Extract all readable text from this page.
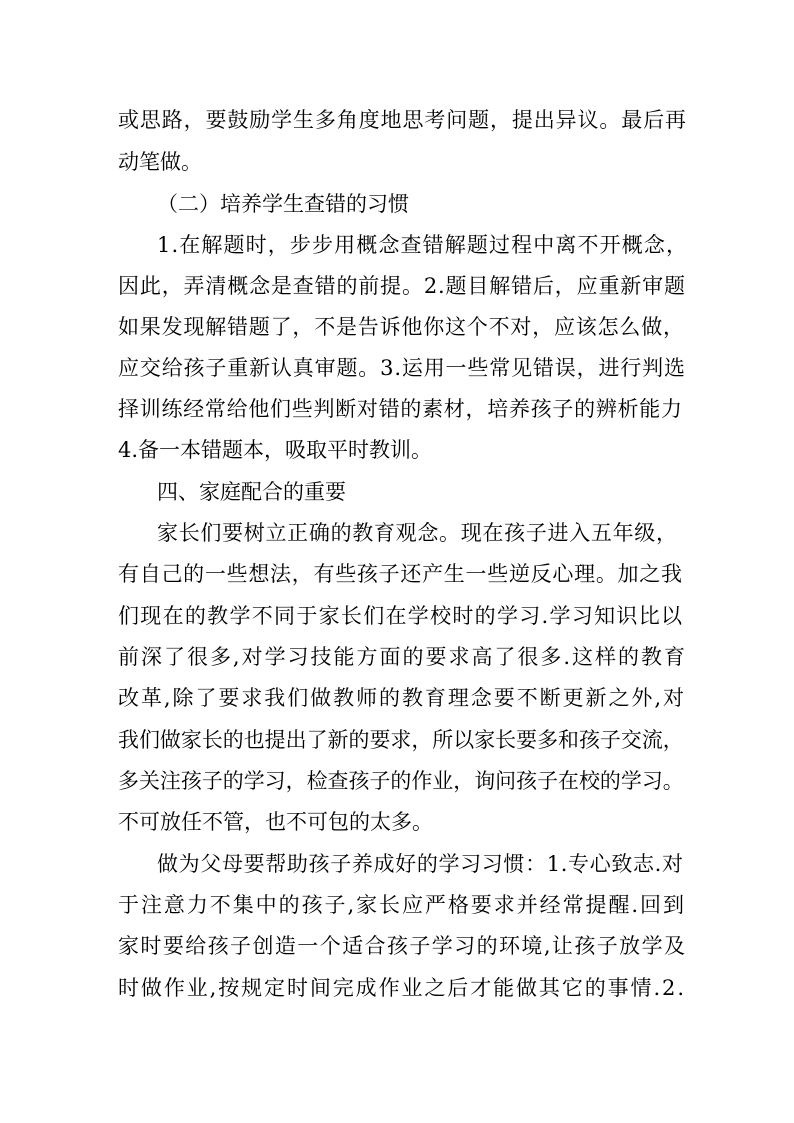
或思路，要鼓励学生多角度地思考问题，提出异议。最后再

动笔做。

（二）培养学生查错的习惯

1.在解题时，步步用概念查错解题过程中离不开概念，

因此，弄清概念是查错的前提。2.题目解错后，应重新审题

如果发现解错题了，不是告诉他你这个不对，应该怎么做，

应交给孩子重新认真审题。3.运用一些常见错误，进行判选

择训练经常给他们些判断对错的素材，培养孩子的辨析能力

4.备一本错题本，吸取平时教训。

四、家庭配合的重要

家长们要树立正确的教育观念。现在孩子进入五年级，

有自己的一些想法，有些孩子还产生一些逆反心理。加之我

们现在的教学不同于家长们在学校时的学习.学习知识比以

前深了很多,对学习技能方面的要求高了很多.这样的教育

改革,除了要求我们做教师的教育理念要不断更新之外,对

我们做家长的也提出了新的要求，所以家长要多和孩子交流，

多关注孩子的学习，检查孩子的作业，询问孩子在校的学习。

不可放任不管，也不可包的太多。

做为父母要帮助孩子养成好的学习习惯：1.专心致志.对

于注意力不集中的孩子,家长应严格要求并经常提醒.回到

家时要给孩子创造一个适合孩子学习的环境,让孩子放学及

时做作业,按规定时间完成作业之后才能做其它的事情.2.
